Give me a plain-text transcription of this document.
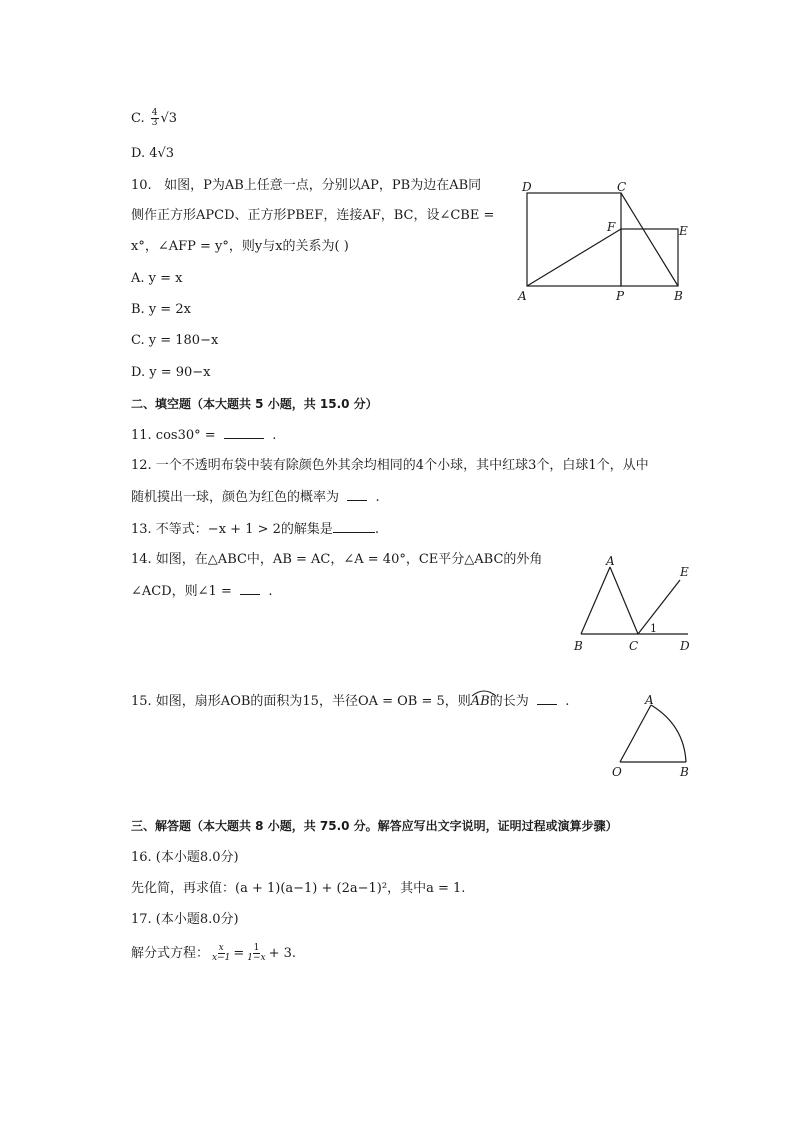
C. $\frac{4}{3} √3$
D. 4√3
10. 如图，P为AB上任意一点，分别以AP，PB为边在AB同
侧作正方形APCD、正方形PBEF，连接AF，BC，设∠CBE =
x°，∠AFP = y°，则y与x的关系为( )
A. y = x
B. y = 2x
C. y = 180−x
D. y = 90−x
D	C
F	E
A	P	B
二、填空题（本大题共 5 小题，共 15.0 分）
11. cos30° =	.
12. 一个不透明布袋中装有除颜色外其余均相同的4个小球，其中红球3个，白球1个，从中
随机摸出一球，颜色为红色的概率为	.
13. 不等式：−x + 1 > 2的解集是	.
14. 如图，在△ABC中，AB = AC，∠A = 40°，CE平分△ABC的外角
∠ACD，则∠1 =	.
A
E
1
B	C	D
15. 如图，扇形AOB的面积为15，半径OA = OB = 5，则
AB的长为	.	A
O	B
三、解答题（本大题共 8 小题，共 75.0 分。解答应写出文字说明，证明过程或演算步骤）
16. (本小题8.0分)
先化简，再求值：(a + 1)(a−1) + (2a−1)²，其中a = 1.
17. (本小题8.0分)
解分式方程： $\frac{x}{x-1} = \frac{1}{1-x} + 3$.
